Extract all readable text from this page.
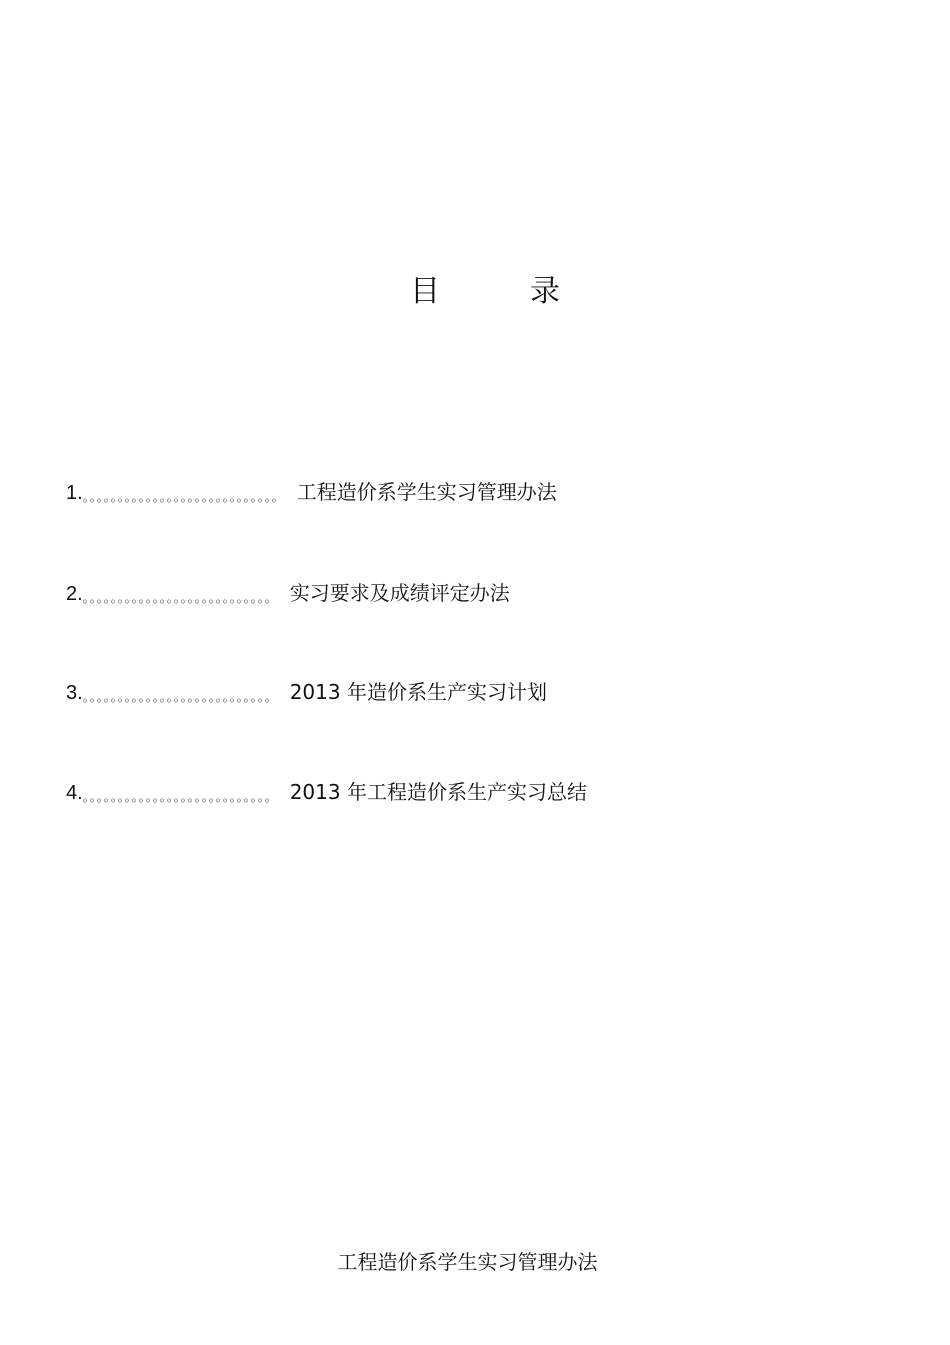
目	录
1.。。。。。。。。。。。。。。。。。。。。。。。。。。。。 工程造价系学生实习管理办法
2.。。。。。。。。。。。。。。。。。。。。。。。。。。。 实习要求及成绩评定办法
3.。。。。。。。。。。。。。。。。。。。。。。。。。。。 2013 年造价系生产实习计划
4.。。。。。。。。。。。。。。。。。。。。。。。。。。。 2013 年工程造价系生产实习总结
工程造价系学生实习管理办法
